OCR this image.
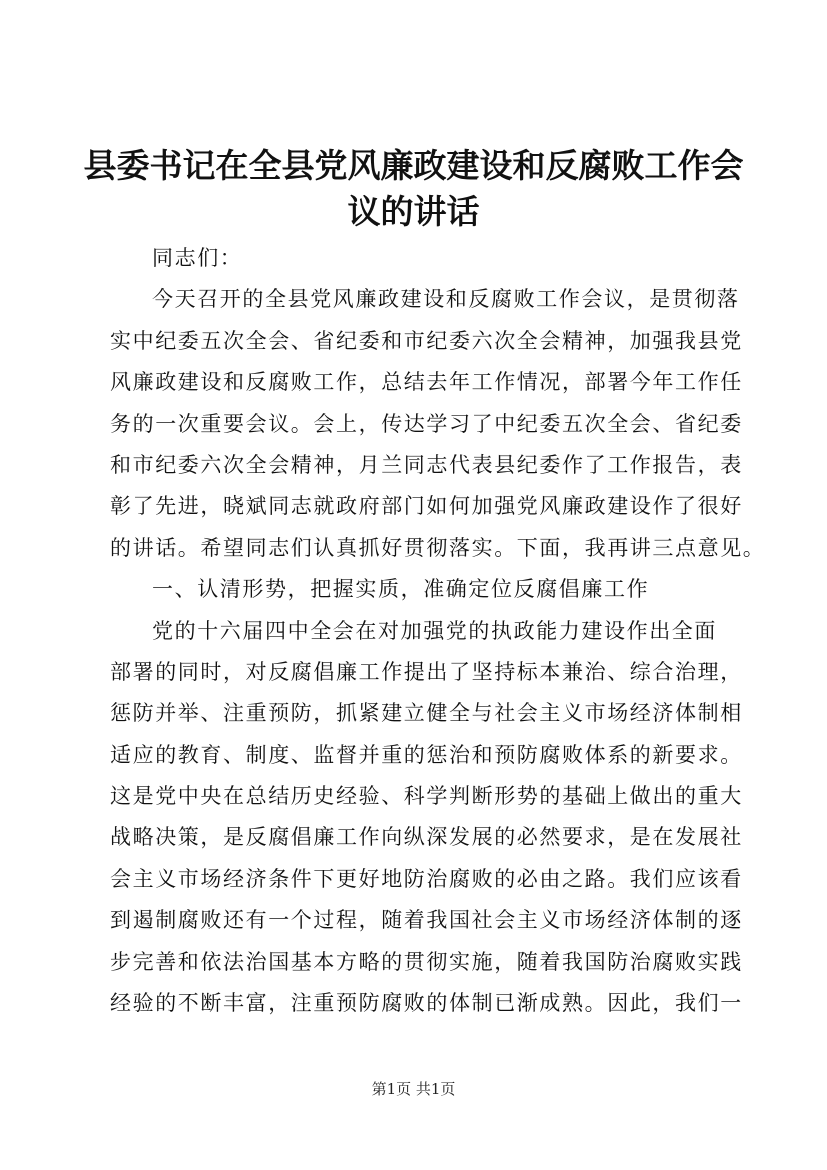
县委书记在全县党风廉政建设和反腐败工作会
议的讲话
同志们：
今天召开的全县党风廉政建设和反腐败工作会议，是贯彻落
实中纪委五次全会、省纪委和市纪委六次全会精神，加强我县党
风廉政建设和反腐败工作，总结去年工作情况，部署今年工作任
务的一次重要会议。会上，传达学习了中纪委五次全会、省纪委
和市纪委六次全会精神，月兰同志代表县纪委作了工作报告，表
彰了先进，晓斌同志就政府部门如何加强党风廉政建设作了很好
的讲话。希望同志们认真抓好贯彻落实。下面，我再讲三点意见。
一、认清形势，把握实质，准确定位反腐倡廉工作
党的十六届四中全会在对加强党的执政能力建设作出全面
部署的同时，对反腐倡廉工作提出了坚持标本兼治、综合治理，
惩防并举、注重预防，抓紧建立健全与社会主义市场经济体制相
适应的教育、制度、监督并重的惩治和预防腐败体系的新要求。
这是党中央在总结历史经验、科学判断形势的基础上做出的重大
战略决策，是反腐倡廉工作向纵深发展的必然要求，是在发展社
会主义市场经济条件下更好地防治腐败的必由之路。我们应该看
到遏制腐败还有一个过程，随着我国社会主义市场经济体制的逐
步完善和依法治国基本方略的贯彻实施，随着我国防治腐败实践
经验的不断丰富，注重预防腐败的体制已渐成熟。因此，我们一
第1页 共1页
